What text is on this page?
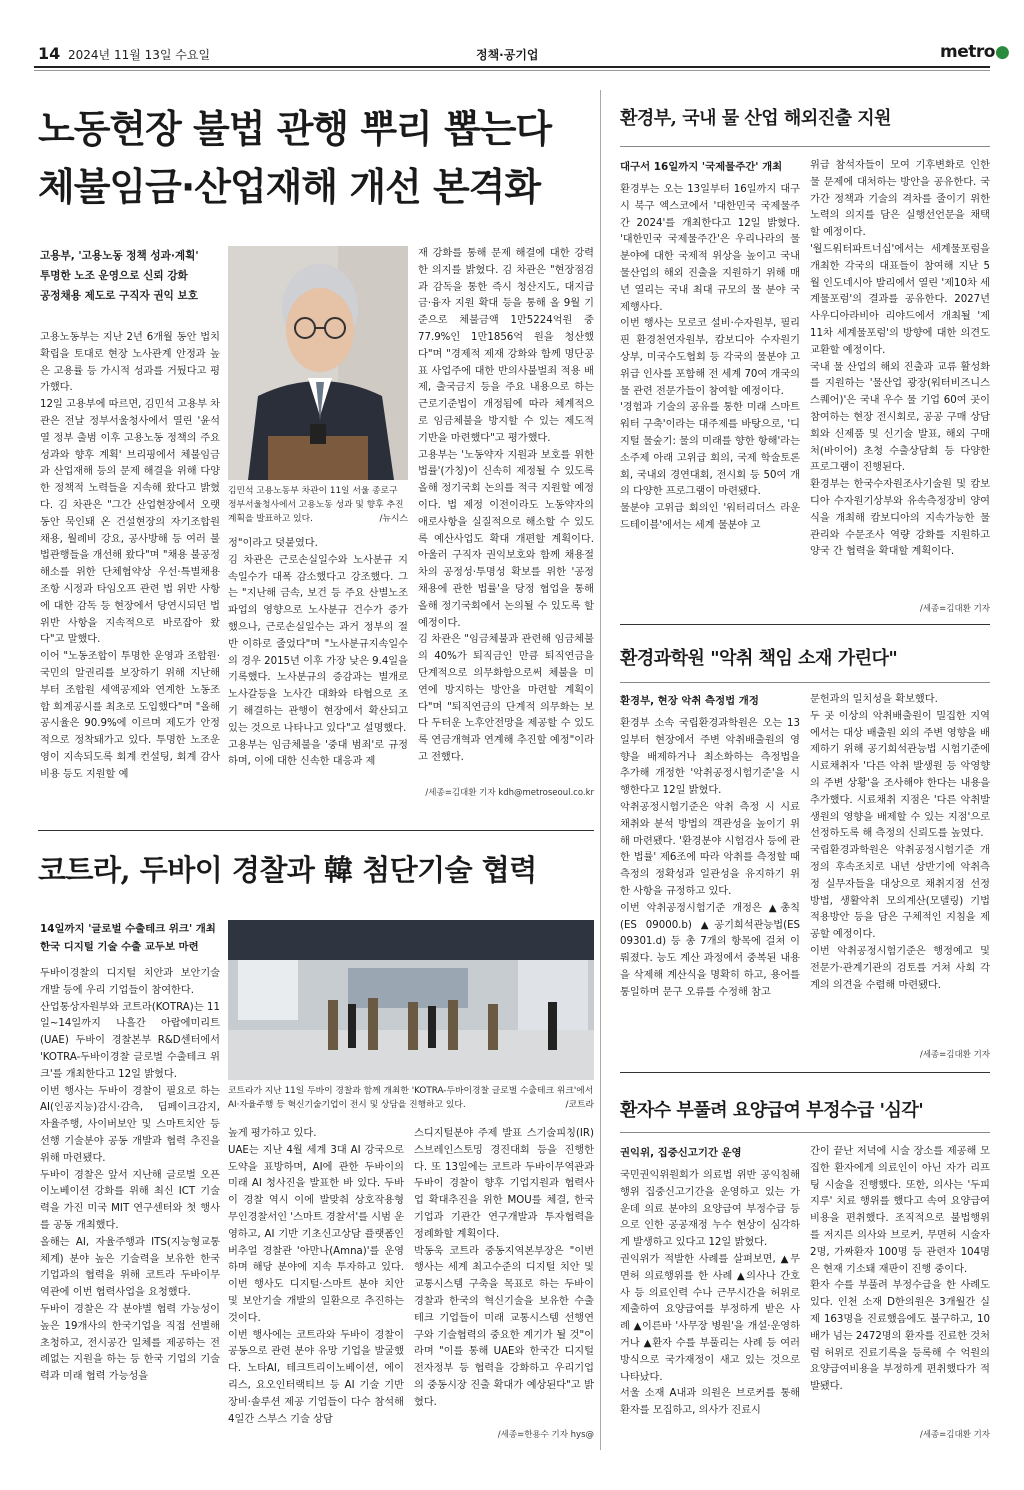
14 2024년 11월 13일 수요일	정책·공기업	metro●
노동현장 불법 관행 뿌리 뽑는다
체불임금·산업재해 개선 본격화
고용부, '고용노동 정책 성과·계획'
투명한 노조 운영으로 신뢰 강화
공정채용 제도로 구직자 권익 보호
김민석 고용노동부 차관이 11일 서울 종로구 정부서울청사에서 고용노동 성과 및 향후 추진계획을 발표하고 있다.	/뉴시스
고용노동부는 지난 2년 6개월 동안 법치 확립을 토대로 현장 노사관계 안정과 높은 고용률 등 가시적 성과를 거뒀다고 평가했다.
12일 고용부에 따르면, 김민석 고용부 차관은 전날 정부서울청사에서 열린 '윤석열 정부 출범 이후 고용노동 정책의 주요 성과와 향후 계획' 브리핑에서 체불임금과 산업재해 등의 문제 해결을 위해 다양한 정책적 노력들을 지속해 왔다고 밝혔다. 김 차관은 "그간 산업현장에서 오랫동안 묵인돼 온 건설현장의 자기조합원 채용, 월례비 강요, 공사방해 등 여러 불법관행들을 개선해 왔다"며 "채용 불공정 해소를 위한 단체협약상 우선·특별채용 조항 시정과 타임오프 관련 법 위반 사항에 대한 감독 등 현장에서 당연시되던 법 위반 사항을 지속적으로 바로잡아 왔다"고 말했다.
이어 "노동조합이 투명한 운영과 조합원·국민의 알권리를 보장하기 위해 지난해부터 조합원 세액공제와 연계한 노동조합 회계공시를 최초로 도입했다"며 "올해 공시율은 90.9%에 이르며 제도가 안정적으로 정착돼가고 있다. 투명한 노조운영이 지속되도록 회계 컨설팅, 회계 감사비용 등도 지원할 예
정"이라고 덧붙였다.
김 차관은 근로손실일수와 노사분규 지속일수가 대폭 감소했다고 강조했다. 그는 "지난해 금속, 보건 등 주요 산별노조 파업의 영향으로 노사분규 건수가 증가했으나, 근로손실일수는 과거 정부의 절반 이하로 줄었다"며 "노사분규지속일수의 경우 2015년 이후 가장 낮은 9.4일을 기록했다. 노사분규의 증감과는 별개로 노사갈등을 노사간 대화와 타협으로 조기 해결하는 관행이 현장에서 확산되고 있는 것으로 나타나고 있다"고 설명했다.
고용부는 임금체불을 '중대 범죄'로 규정하며, 이에 대한 신속한 대응과 제
재 강화를 통해 문제 해결에 대한 강력한 의지를 밝혔다. 김 차관은 "현장점검과 감독을 통한 즉시 청산지도, 대지급금·융자 지원 확대 등을 통해 올 9월 기준으로 체불금액 1만5224억원 중 77.9%인 1만1856억 원을 청산했다"며 "경제적 제재 강화와 함께 명단공표 사업주에 대한 반의사불벌죄 적용 배제, 출국금지 등을 주요 내용으로 하는 근로기준법이 개정됨에 따라 체계적으로 임금체불을 방지할 수 있는 제도적 기반을 마련했다"고 평가했다.
고용부는 '노동약자 지원과 보호를 위한 법률'(가칭)이 신속히 제정될 수 있도록 올해 정기국회 논의를 적극 지원할 예정이다. 법 제정 이전이라도 노동약자의 애로사항을 실질적으로 해소할 수 있도록 예산사업도 확대 개편할 계획이다. 아울러 구직자 권익보호와 함께 채용절차의 공정성·투명성 확보를 위한 '공정채용에 관한 법률'을 당정 협업을 통해 올해 정기국회에서 논의될 수 있도록 할 예정이다.
김 차관은 "임금체불과 관련해 임금체불의 40%가 퇴직금인 만큼 퇴직연금을 단계적으로 의무화함으로써 체불을 미연에 방지하는 방안을 마련할 계획이다"며 "퇴직연금의 단계적 의무화는 보다 두터운 노후안전망을 제공할 수 있도록 연금개혁과 연계해 추진할 예정"이라고 전했다.
/세종=김대환 기자 kdh@metroseoul.co.kr
코트라, 두바이 경찰과 韓 첨단기술 협력
14일까지 '글로벌 수출테크 위크' 개최
한국 디지털 기술 수출 교두보 마련
코트라가 지난 11일 두바이 경찰과 함께 개최한 'KOTRA-두바이경찰 글로벌 수출테크 위크'에서 AI·자율주행 등 혁신기술기업이 전시 및 상담을 진행하고 있다.	/코트라
두바이경찰의 디지털 치안과 보안기술 개발 등에 우리 기업들이 참여한다.
산업통상자원부와 코트라(KOTRA)는 11일~14일까지 나흘간 아랍에미리트(UAE) 두바이 경찰본부 R&D센터에서 'KOTRA-두바이경찰 글로벌 수출테크 위크'를 개최한다고 12일 밝혔다.
이번 행사는 두바이 경찰이 필요로 하는 AI(인공지능)감시·감측, 딥페이크감지, 자율주행, 사이버보안 및 스마트치안 등 선행 기술분야 공동 개발과 협력 추진을 위해 마련됐다.
두바이 경찰은 앞서 지난해 글로벌 오픈이노베이션 강화를 위해 최신 ICT 기술력을 가진 미국 MIT 연구센터와 첫 행사를 공동 개최했다.
올해는 AI, 자율주행과 ITS(지능형교통체계) 분야 높은 기술력을 보유한 한국 기업과의 협력을 위해 코트라 두바이무역관에 이번 협력사업을 요청했다.
두바이 경찰은 각 분야별 협력 가능성이 높은 19개사의 한국기업을 직접 선별해 초청하고, 전시공간 일체를 제공하는 전례없는 지원을 하는 등 한국 기업의 기술력과 미래 협력 가능성을
높게 평가하고 있다.
UAE는 지난 4월 세계 3대 AI 강국으로 도약을 표방하며, AI에 관한 두바이의 미래 AI 청사진을 발표한 바 있다. 두바이 경찰 역시 이에 발맞춰 상호작용형 무인경찰서인 '스마트 경찰서'를 시범 운영하고, AI 기반 기초신고상담 플랫폼인 버추얼 경찰관 '아만나(Amna)'를 운영하며 해당 분야에 지속 투자하고 있다. 이번 행사도 디지털·스마트 분야 치안 및 보안기술 개발의 일환으로 추진하는 것이다.
이번 행사에는 코트라와 두바이 경찰이 공동으로 관련 분야 유망 기업을 발굴했다. 노타AI, 테크트리이노베이션, 에이리스, 요오인터랙티브 등 AI 기술 기반 장비·솔루션 제공 기업들이 다수 참석해 4일간 스부스 기술 상담
스디지털분야 주제 발표 스기술피칭(IR) 스브레인스토밍 경진대회 등을 진행한다. 또 13일에는 코트라 두바이무역관과 두바이 경찰이 향후 기업지원과 협력사업 확대추진을 위한 MOU를 체결, 한국기업과 기관간 연구개발과 투자협력을 정례화할 계획이다.
박동욱 코트라 중동지역본부장은 "이번 행사는 세계 최고수준의 디지털 치안 및 교통시스템 구축을 목표로 하는 두바이 경찰과 한국의 혁신기술을 보유한 수출테크 기업들이 미래 교통시스템 선행연구와 기술협력의 중요한 계기가 될 것"이라며 "이를 통해 UAE와 한국간 디지털 전자정부 등 협력을 강화하고 우리기업의 중동시장 진출 확대가 예상된다"고 밝혔다.
/세종=한용수 기자 hys@
환경부, 국내 물 산업 해외진출 지원
대구서 16일까지 '국제물주간' 개최
환경부는 오는 13일부터 16일까지 대구시 북구 엑스코에서 '대한민국 국제물주간 2024'를 개최한다고 12일 밝혔다. '대한민국 국제물주간'은 우리나라의 물 분야에 대한 국제적 위상을 높이고 국내 물산업의 해외 진출을 지원하기 위해 매년 열리는 국내 최대 규모의 물 분야 국제행사다.
이번 행사는 모로코 설비·수자원부, 필리핀 환경천연자원부, 캄보디아 수자원기상부, 미국수도협회 등 각국의 물분야 고위급 인사를 포함해 전 세계 70여 개국의 물 관련 전문가들이 참여할 예정이다.
'경험과 기술의 공유를 통한 미래 스마트 워터 구축'이라는 대주제를 바탕으로, '디지털 물숲기: 물의 미래를 향한 항해'라는 소주제 아래 고위급 회의, 국제 학술토론회, 국내외 경연대회, 전시회 등 50여 개의 다양한 프로그램이 마련됐다.
물분야 고위급 회의인 '워터리더스 라운드테이블'에서는 세계 물분야 고
위급 참석자들이 모여 기후변화로 인한 물 문제에 대처하는 방안을 공유한다. 국가간 정책과 기술의 격차를 줄이기 위한 노력의 의지를 담은 실행선언문을 채택할 예정이다.
'월드워터파트너십'에서는 세계물포럼을 개최한 각국의 대표들이 참여해 지난 5월 인도네시아 발리에서 열린 '제10차 세계물포럼'의 결과를 공유한다. 2027년 사우디아라비아 리야드에서 개최될 '제11차 세계물포럼'의 방향에 대한 의견도 교환할 예정이다.
국내 물 산업의 해외 진출과 교류 활성화를 지원하는 '물산업 광장(워터비즈니스 스퀘어)'은 국내 우수 물 기업 60여 곳이 참여하는 현장 전시회로, 공공 구매 상담회와 신제품 및 신기술 발표, 해외 구매처(바이어) 초청 수출상담회 등 다양한 프로그램이 진행된다.
환경부는 한국수자원조사기술원 및 캄보디아 수자원기상부와 유속측정장비 양여식을 개최해 캄보디아의 지속가능한 물관리와 수문조사 역량 강화를 지원하고 양국 간 협력을 확대할 계획이다.
/세종=김대환 기자
환경과학원 "악취 책임 소재 가린다"
환경부, 현장 악취 측정법 개정
환경부 소속 국립환경과학원은 오는 13일부터 현장에서 주변 악취배출원의 영향을 배제하거나 최소화하는 측정법을 추가해 개정한 '악취공정시험기준'을 시행한다고 12일 밝혔다.
악취공정시험기준은 악취 측정 시 시료 채취와 분석 방법의 객관성을 높이기 위해 마련됐다. '환경분야 시험검사 등에 관한 법률' 제6조에 따라 악취를 측정할 때 측정의 정확성과 일관성을 유지하기 위한 사항을 규정하고 있다.
이번 악취공정시험기준 개정은 ▲총칙(ES 09000.b) ▲공기희석관능법(ES 09301.d) 등 총 7개의 항목에 걸쳐 이뤄졌다. 능도 계산 과정에서 중복된 내용을 삭제해 계산식을 명확히 하고, 용어를 통일하며 문구 오류를 수정해 참고
문헌과의 일치성을 확보했다.
두 곳 이상의 악취배출원이 밀집한 지역에서는 대상 배출원 외의 주변 영향을 배제하기 위해 공기희석관능법 시험기준에 시료채취자 '다른 악취 발생원 등 악영향의 주변 상황'을 조사해야 한다는 내용을 추가했다. 시료채취 지점은 '다른 악취발생원의 영향을 배제할 수 있는 지점'으로 선정하도록 해 측정의 신뢰도를 높였다.
국립환경과학원은 악취공정시험기준 개정의 후속조치로 내년 상반기에 악취측정 실무자들을 대상으로 채취지점 선정방법, 생활악취 모의계산(모델링) 기법 적용방안 등을 담은 구체적인 지침을 제공할 예정이다.
이번 악취공정시험기준은 행정예고 및 전문가·관계기관의 검토를 거쳐 사회 각계의 의견을 수렴해 마련됐다.
/세종=김대환 기자
환자수 부풀려 요양급여 부정수급 '심각'
권익위, 집중신고기간 운영
국민권익위원회가 의료법 위반 공익침해행위 집중신고기간을 운영하고 있는 가운데 의료 분야의 요양급여 부정수급 등으로 인한 공공재정 누수 현상이 심각하게 발생하고 있다고 12일 밝혔다.
권익위가 적발한 사례를 살펴보면, ▲무면허 의료행위를 한 사례 ▲의사나 간호사 등 의료인력 수나 근무시간을 허위로 제출하여 요양급여를 부정하게 받은 사례 ▲이른바 '사무장 병원'을 개설·운영하거나 ▲환자 수를 부풀리는 사례 등 여러 방식으로 국가재정이 새고 있는 것으로 나타났다.
서울 소재 A내과 의원은 브로커를 통해 환자를 모집하고, 의사가 진료시
간이 끝난 저녁에 시술 장소를 제공해 모집한 환자에게 의료인이 아닌 자가 리프팅 시술을 진행했다. 또한, 의사는 '두피지루' 치료 행위를 했다고 속여 요양급여비용을 편취했다. 조직적으로 불법행위를 저지른 의사와 브로커, 무면허 시술자 2명, 가짜환자 100명 등 관련자 104명은 현재 기소돼 재판이 진행 중이다.
환자 수를 부풀려 부정수급을 한 사례도 있다. 인천 소재 D한의원은 3개월간 실제 163명을 진료했음에도 불구하고, 10배가 넘는 2472명의 환자를 진료한 것처럼 허위로 진료기록을 등록해 수 억원의 요양급여비용을 부정하게 편취했다가 적발됐다.
/세종=김대환 기자
